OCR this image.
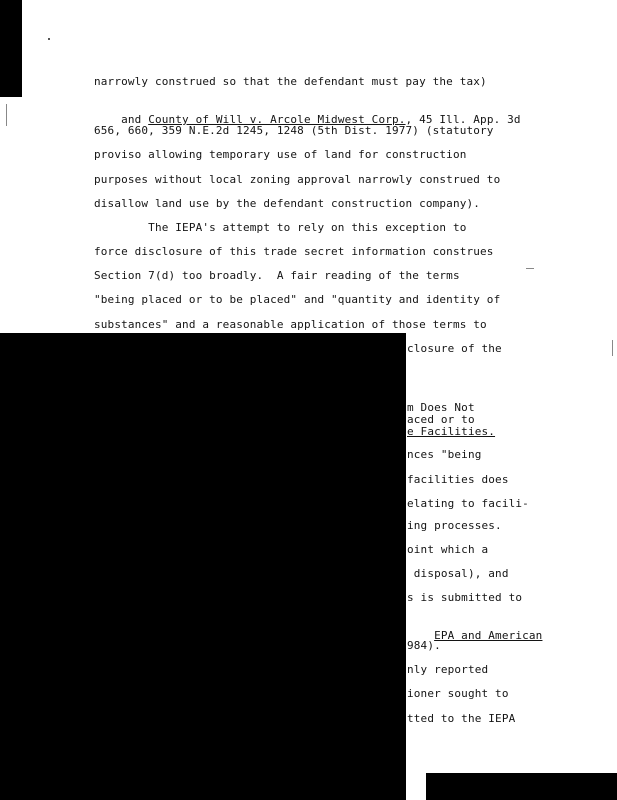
narrowly construed so that the defendant must pay the tax)

and County of Will v. Arcole Midwest Corp., 45 Ill. App. 3d

656, 660, 359 N.E.2d 1245, 1248 (5th Dist. 1977) (statutory
proviso allowing temporary use of land for construction
purposes without local zoning approval narrowly construed to
disallow land use by the defendant construction company).
The IEPA's attempt to rely on this exception to
force disclosure of this trade secret information construes
Section 7(d) too broadly.  A fair reading of the terms
"being placed or to be placed" and "quantity and identity of
substances" and a reasonable application of those terms to
closure of the
m Does Not
aced or to
e Facilities.
nces "being
facilities does
elating to facili-
ing processes.
oint which a
disposal), and
s is submitted to

EPA and American

984).
nly reported
ioner sought to
tted to the IEPA
